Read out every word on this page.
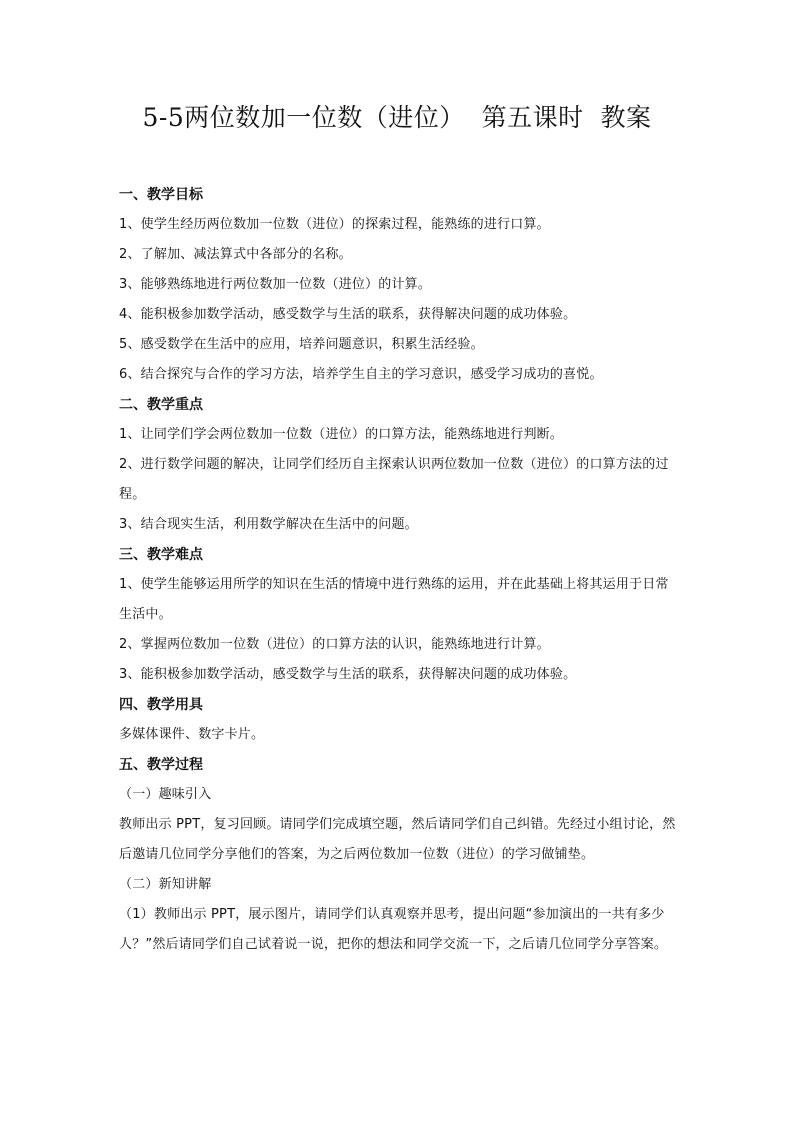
5-5两位数加一位数（进位）  第五课时  教案
一、教学目标
1、使学生经历两位数加一位数（进位）的探索过程，能熟练的进行口算。
2、了解加、减法算式中各部分的名称。
3、能够熟练地进行两位数加一位数（进位）的计算。
4、能积极参加数学活动，感受数学与生活的联系，获得解决问题的成功体验。
5、感受数学在生活中的应用，培养问题意识，积累生活经验。
6、结合探究与合作的学习方法，培养学生自主的学习意识，感受学习成功的喜悦。
二、教学重点
1、让同学们学会两位数加一位数（进位）的口算方法，能熟练地进行判断。
2、进行数学问题的解决，让同学们经历自主探索认识两位数加一位数（进位）的口算方法的过程。
3、结合现实生活，利用数学解决在生活中的问题。
三、教学难点
1、使学生能够运用所学的知识在生活的情境中进行熟练的运用，并在此基础上将其运用于日常生活中。
2、掌握两位数加一位数（进位）的口算方法的认识，能熟练地进行计算。
3、能积极参加数学活动，感受数学与生活的联系，获得解决问题的成功体验。
四、教学用具
多媒体课件、数字卡片。
五、教学过程
（一）趣味引入
教师出示 PPT，复习回顾。请同学们完成填空题，然后请同学们自己纠错。先经过小组讨论，然后邀请几位同学分享他们的答案，为之后两位数加一位数（进位）的学习做铺垫。
（二）新知讲解
（1）教师出示 PPT，展示图片，请同学们认真观察并思考，提出问题“参加演出的一共有多少人？”然后请同学们自己试着说一说，把你的想法和同学交流一下，之后请几位同学分享答案。
